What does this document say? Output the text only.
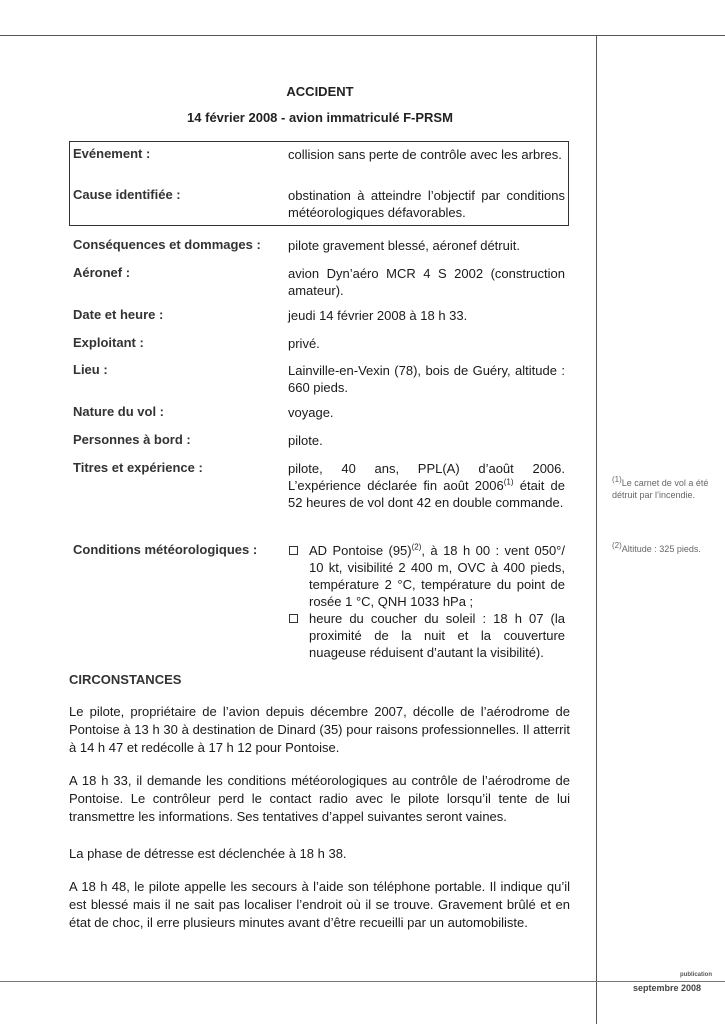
ACCIDENT
14 février 2008 - avion immatriculé F-PRSM
Evénement :	collision sans perte de contrôle avec les arbres.
Cause identifiée :	obstination à atteindre l’objectif par conditions météorologiques défavorables.
Conséquences et dommages : pilote gravement blessé, aéronef détruit.
Aéronef :	avion Dyn’aéro MCR 4 S 2002 (construction amateur).
Date et heure :	jeudi 14 février 2008 à 18 h 33.
Exploitant :	privé.
Lieu :	Lainville-en-Vexin (78), bois de Guéry, altitude : 660 pieds.
Nature du vol :	voyage.
Personnes à bord :	pilote.
Titres et expérience :	pilote, 40 ans, PPL(A) d’août 2006. L’expérience déclarée fin août 2006$^{(1)}$ était de 52 heures de vol dont 42 en double commande.
Conditions météorologiques :	AD Pontoise $(95)^{(2)}$, à 18 h 00 : vent 050°/ 10 kt, visibilité 2 400 m, OVC à 400 pieds, température 2 °C, température du point de rosée 1 °C, QNH 1033 hPa ;
heure du coucher du soleil : 18 h 07 (la proximité de la nuit et la couverture nuageuse réduisent d’autant la visibilité).
CIRCONSTANCES
Le pilote, propriétaire de l’avion depuis décembre 2007, décolle de l’aérodrome de Pontoise à 13 h 30 à destination de Dinard (35) pour raisons professionnelles. Il atterrit à 14 h 47 et redécolle à 17 h 12 pour Pontoise.
A 18 h 33, il demande les conditions météorologiques au contrôle de l’aérodrome de Pontoise. Le contrôleur perd le contact radio avec le pilote lorsqu’il tente de lui transmettre les informations. Ses tentatives d’appel suivantes seront vaines.
La phase de détresse est déclenchée à 18 h 38.
A 18 h 48, le pilote appelle les secours à l’aide son téléphone portable. Il indique qu’il est blessé mais il ne sait pas localiser l’endroit où il se trouve. Gravement brûlé et en état de choc, il erre plusieurs minutes avant d’être recueilli par un automobiliste.
$^{(1)}$Le carnet de vol a été détruit par l’incendie.
$^{(2)}$Altitude : 325 pieds.
publication
septembre 2008
